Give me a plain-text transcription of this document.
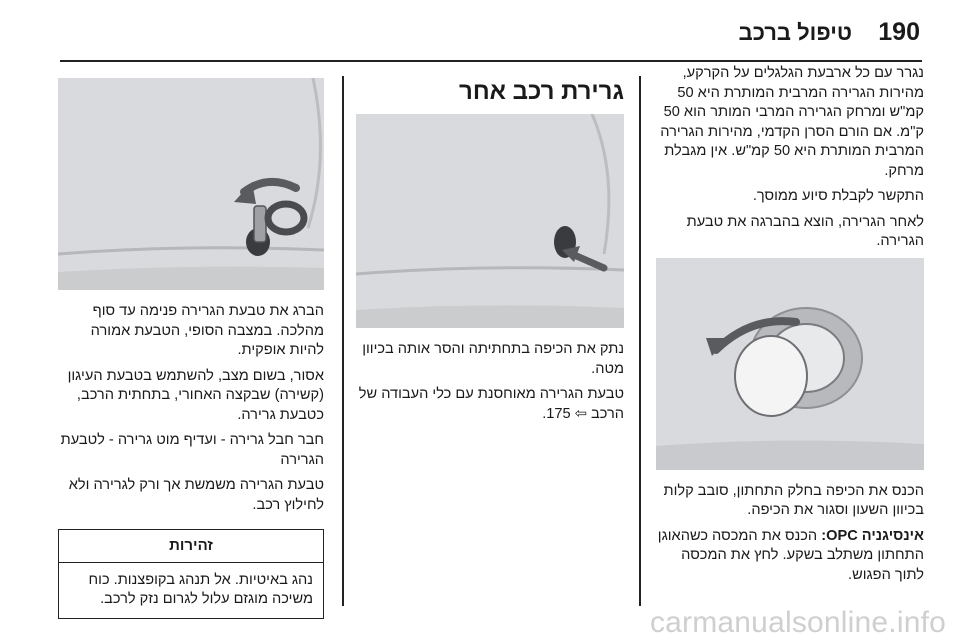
190
טיפול ברכב

נגרר עם כל ארבעת הגלגלים על הקרקע, מהירות הגרירה המרבית המותרת היא 50 קמ"ש ומרחק הגרירה המרבי המותר הוא 50 ק"מ. אם הורם הסרן הקדמי, מהירות הגרירה המרבית המותרת היא 50 קמ"ש. אין מגבלת מרחק.

התקשר לקבלת סיוע ממוסך.

לאחר הגרירה, הוצא בהברגה את טבעת הגרירה.

הכנס את הכיפה בחלק התחתון, סובב קלות בכיוון השעון וסגור את הכיפה.

אינסיגניה OPC: הכנס את המכסה כשהאוגן התחתון משתלב בשקע. לחץ את המכסה לתוך הפגוש.

גרירת רכב אחר

נתק את הכיפה בתחתיתה והסר אותה בכיוון מטה.

טבעת הגרירה מאוחסנת עם כלי העבודה של הרכב ⇦ 175.

הברג את טבעת הגרירה פנימה עד סוף מהלכה. במצבה הסופי, הטבעת אמורה להיות אופקית.

אסור, בשום מצב, להשתמש בטבעת העיגון (קשירה) שבקצה האחורי, בתחתית הרכב, כטבעת גרירה.

חבר חבל גרירה - ועדיף מוט גרירה - לטבעת הגרירה

טבעת הגרירה משמשת אך ורק לגרירה ולא לחילוץ רכב.

זהירות
נהג באיטיות. אל תנהג בקופצנות. כוח משיכה מוגזם עלול לגרום נזק לרכב.
carmanualsonline.info
